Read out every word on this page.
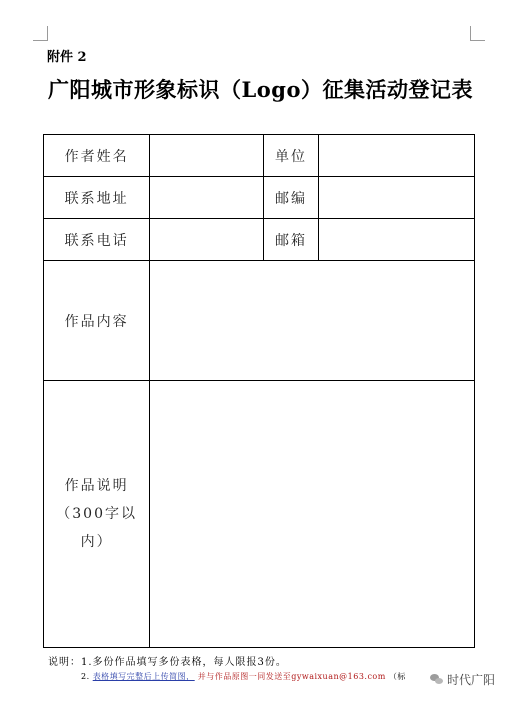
附件 2
广阳城市形象标识（Logo）征集活动登记表
作者姓名		单位	
联系地址		邮编	
联系电话		邮箱	
作品内容			

作品说明
（300字以内）			

说明：1.多份作品填写多份表格，每人限报3份。
2. 表格填写完整后上传简图， 并与作品原图一同发送至gywaixuan@163.com （标	时代广阳
